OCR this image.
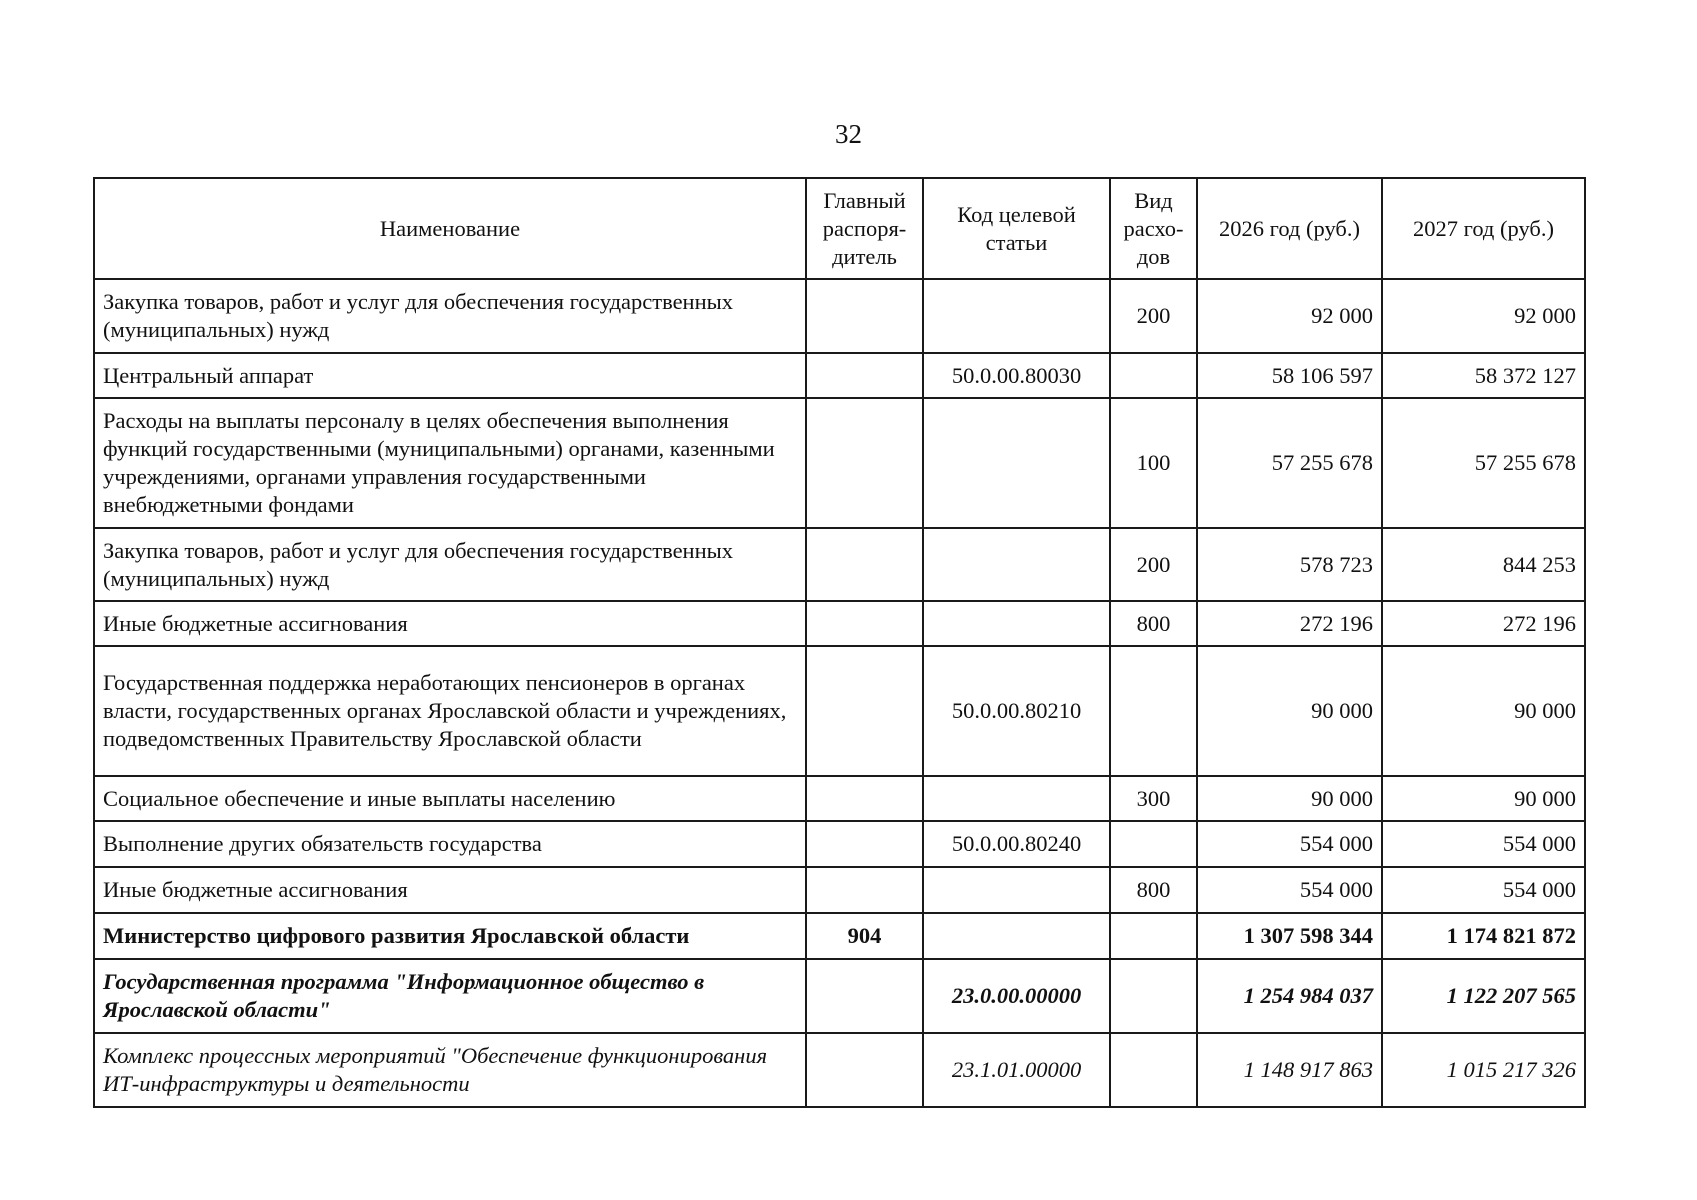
32
Наименование	Главный распоря-дитель	Код целевой статьи	Вид расхо-дов	2026 год (руб.)	2027 год (руб.)
Закупка товаров, работ и услуг для обеспечения государственных (муниципальных) нужд			200	92 000	92 000
Центральный аппарат		50.0.00.80030		58 106 597	58 372 127
Расходы на выплаты персоналу в целях обеспечения выполнения функций государственными (муниципальными) органами, казенными учреждениями, органами управления государственными внебюджетными фондами			100	57 255 678	57 255 678
Закупка товаров, работ и услуг для обеспечения государственных (муниципальных) нужд			200	578 723	844 253
Иные бюджетные ассигнования			800	272 196	272 196
Государственная поддержка неработающих пенсионеров в органах власти, государственных органах Ярославской области и учреждениях, подведомственных Правительству Ярославской области		50.0.00.80210		90 000	90 000
Социальное обеспечение и иные выплаты населению			300	90 000	90 000
Выполнение других обязательств государства		50.0.00.80240		554 000	554 000
Иные бюджетные ассигнования			800	554 000	554 000
Министерство цифрового развития Ярославской области	904			1 307 598 344	1 174 821 872
Государственная программа "Информационное общество в Ярославской области"		23.0.00.00000		1 254 984 037	1 122 207 565
Комплекс процессных мероприятий "Обеспечение функционирования ИТ-инфраструктуры и деятельности		23.1.01.00000		1 148 917 863	1 015 217 326
